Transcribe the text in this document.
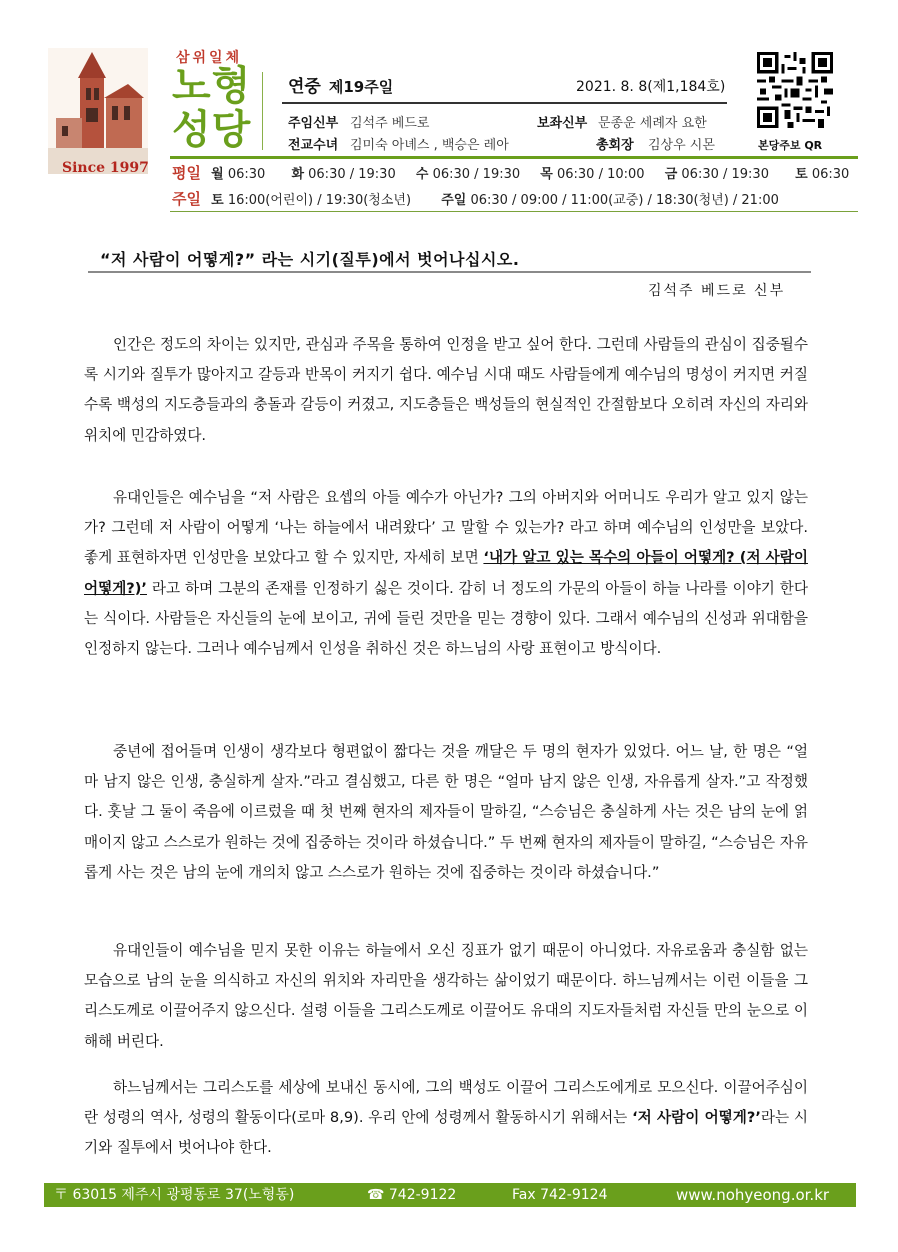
Since 1997
삼위일체
노형
성당
연중 제19주일	2021. 8. 8(제1,184호)
주임신부 김석주 베드로	보좌신부 문종운 세례자 요한
전교수녀 김미숙 아녜스 , 백승은 레아	총회장 김상우 시몬	본당주보 QR
평일 월 06:30 화 06:30 / 19:30 수 06:30 / 19:30 목 06:30 / 10:00 금 06:30 / 19:30 토 06:30
주일 토 16:00(어린이) / 19:30(청소년) 주일 06:30 / 09:00 / 11:00(교중) / 18:30(청년) / 21:00
“저 사람이 어떻게?” 라는 시기(질투)에서 벗어나십시오.
김석주 베드로 신부

인간은 정도의 차이는 있지만, 관심과 주목을 통하여 인정을 받고 싶어 한다. 그런데 사람들의 관심이 집중될수록 시기와 질투가 많아지고 갈등과 반목이 커지기 쉽다. 예수님 시대 때도 사람들에게 예수님의 명성이 커지면 커질수록 백성의 지도층들과의 충돌과 갈등이 커졌고, 지도층들은 백성들의 현실적인 간절함보다 오히려 자신의 자리와 위치에 민감하였다.

유대인들은 예수님을 “저 사람은 요셉의 아들 예수가 아닌가? 그의 아버지와 어머니도 우리가 알고 있지 않는가? 그런데 저 사람이 어떻게 ‘나는 하늘에서 내려왔다’ 고 말할 수 있는가? 라고 하며 예수님의 인성만을 보았다. 좋게 표현하자면 인성만을 보았다고 할 수 있지만, 자세히 보면 ‘내가 알고 있는 목수의 아들이 어떻게? (저 사람이 어떻게?)’ 라고 하며 그분의 존재를 인정하기 싫은 것이다. 감히 너 정도의 가문의 아들이 하늘 나라를 이야기 한다는 식이다. 사람들은 자신들의 눈에 보이고, 귀에 들린 것만을 믿는 경향이 있다. 그래서 예수님의 신성과 위대함을 인정하지 않는다. 그러나 예수님께서 인성을 취하신 것은 하느님의 사랑 표현이고 방식이다.

중년에 접어들며 인생이 생각보다 형편없이 짧다는 것을 깨달은 두 명의 현자가 있었다. 어느 날, 한 명은 “얼마 남지 않은 인생, 충실하게 살자.”라고 결심했고, 다른 한 명은 “얼마 남지 않은 인생, 자유롭게 살자.”고 작정했다. 훗날 그 둘이 죽음에 이르렀을 때 첫 번째 현자의 제자들이 말하길, “스승님은 충실하게 사는 것은 남의 눈에 얽매이지 않고 스스로가 원하는 것에 집중하는 것이라 하셨습니다.” 두 번째 현자의 제자들이 말하길, “스승님은 자유롭게 사는 것은 남의 눈에 개의치 않고 스스로가 원하는 것에 집중하는 것이라 하셨습니다.”

유대인들이 예수님을 믿지 못한 이유는 하늘에서 오신 징표가 없기 때문이 아니었다. 자유로움과 충실함 없는 모습으로 남의 눈을 의식하고 자신의 위치와 자리만을 생각하는 삶이었기 때문이다. 하느님께서는 이런 이들을 그리스도께로 이끌어주지 않으신다. 설령 이들을 그리스도께로 이끌어도 유대의 지도자들처럼 자신들 만의 눈으로 이해해 버린다.

하느님께서는 그리스도를 세상에 보내신 동시에, 그의 백성도 이끌어 그리스도에게로 모으신다. 이끌어주심이란 성령의 역사, 성령의 활동이다(로마 8,9). 우리 안에 성령께서 활동하시기 위해서는 ‘저 사람이 어떻게?’라는 시기와 질투에서 벗어나야 한다.

〒 63015 제주시 광평동로 37(노형동)	☎ 742-9122	Fax 742-9124	www.nohyeong.or.kr
